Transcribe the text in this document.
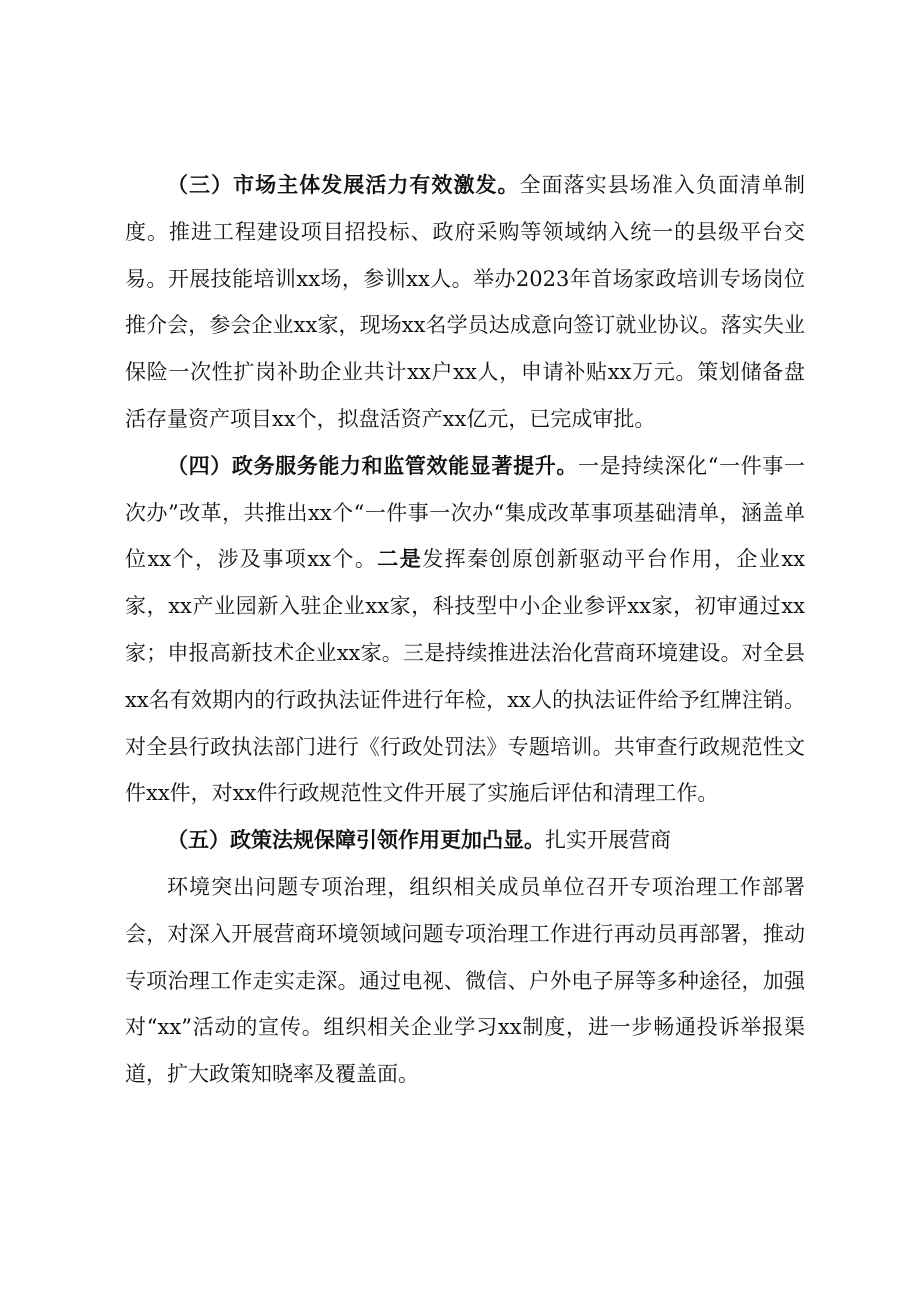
（三）市场主体发展活力有效激发。全面落实县场准入负面清单制度。推进工程建设项目招投标、政府采购等领域纳入统一的县级平台交易。开展技能培训xx场，参训xx人。举办2023年首场家政培训专场岗位推介会，参会企业xx家，现场xx名学员达成意向签订就业协议。落实失业保险一次性扩岗补助企业共计xx户xx人，申请补贴xx万元。策划储备盘活存量资产项目xx个，拟盘活资产xx亿元，已完成审批。

（四）政务服务能力和监管效能显著提升。一是持续深化“一件事一次办”改革，共推出xx个“一件事一次办“集成改革事项基础清单，涵盖单位xx个，涉及事项xx个。二是发挥秦创原创新驱动平台作用，企业xx家，xx产业园新入驻企业xx家，科技型中小企业参评xx家，初审通过xx家；申报高新技术企业xx家。三是持续推进法治化营商环境建设。对全县xx名有效期内的行政执法证件进行年检，xx人的执法证件给予红牌注销。对全县行政执法部门进行《行政处罚法》专题培训。共审查行政规范性文件xx件，对xx件行政规范性文件开展了实施后评估和清理工作。

（五）政策法规保障引领作用更加凸显。扎实开展营商

环境突出问题专项治理，组织相关成员单位召开专项治理工作部署会，对深入开展营商环境领域问题专项治理工作进行再动员再部署，推动专项治理工作走实走深。通过电视、微信、户外电子屏等多种途径，加强对“xx”活动的宣传。组织相关企业学习xx制度，进一步畅通投诉举报渠道，扩大政策知晓率及覆盖面。
